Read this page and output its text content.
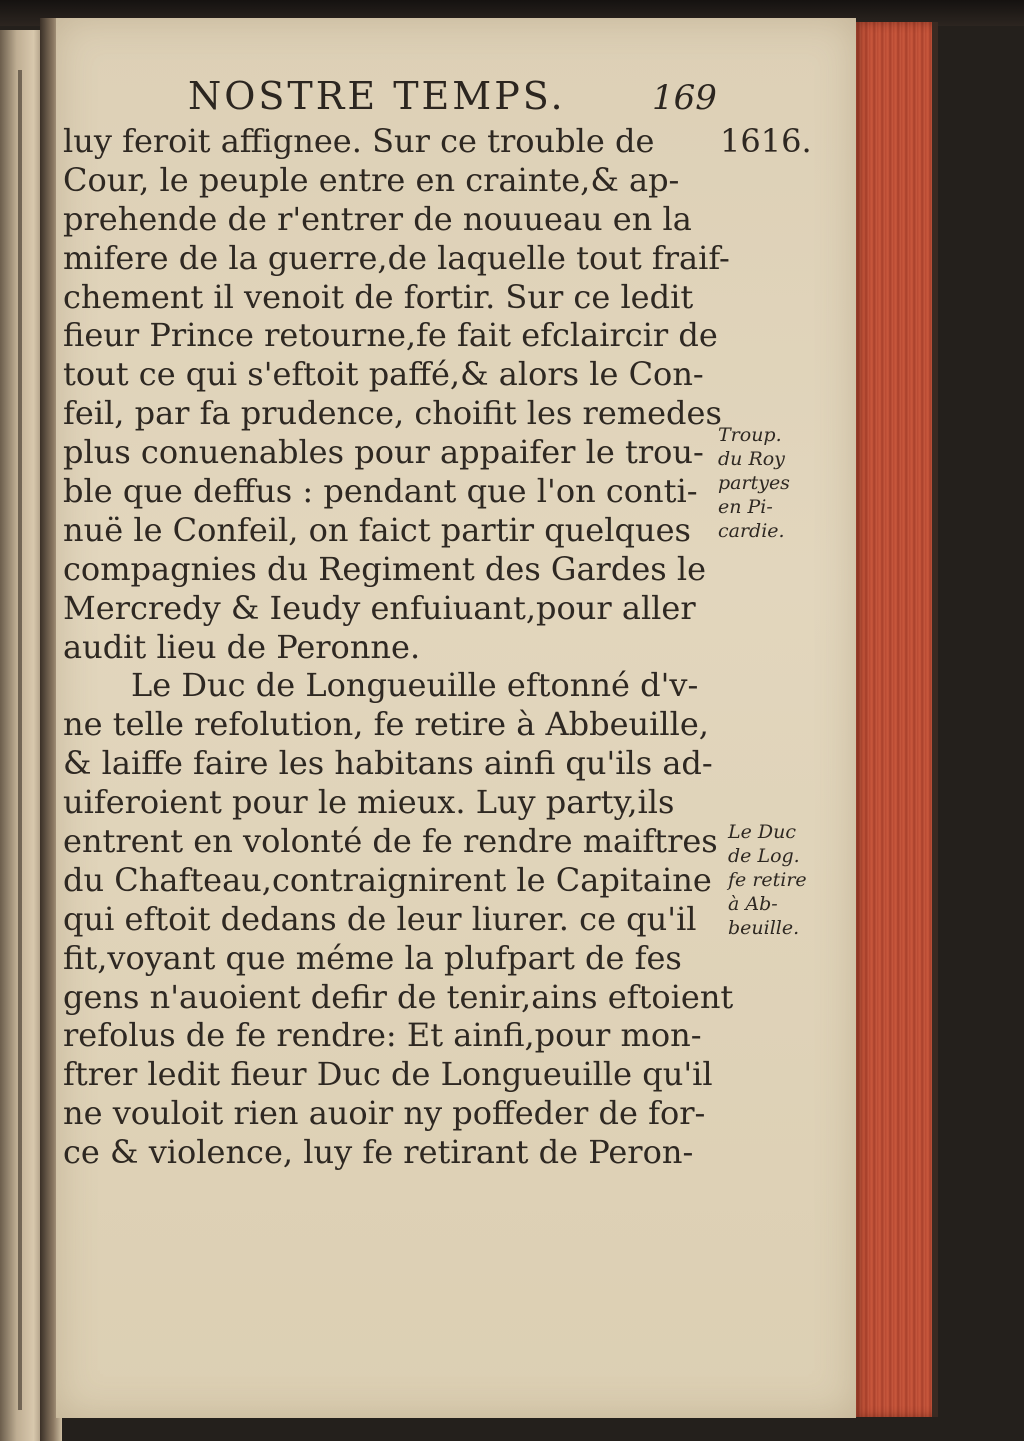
NOSTRE TEMPS.	169
1616.
luy feroit affignee. Sur ce trouble de
Cour, le peuple entre en crainte,& ap-
prehende de r'entrer de nouueau en la
mifere de la guerre,de laquelle tout fraif-
chement il venoit de fortir. Sur ce ledit
fieur Prince retourne,fe fait efclaircir de
tout ce qui s'eftoit paffé,& alors le Con-
feil, par fa prudence, choifit les remedes
plus conuenables pour appaifer le trou-
ble que deffus : pendant que l'on conti-
nuë le Confeil, on faict partir quelques
compagnies du Regiment des Gardes le
Mercredy & Ieudy enfuiuant,pour aller
audit lieu de Peronne.
Le Duc de Longueuille eftonné d'v-
ne telle refolution, fe retire à Abbeuille,
& laiffe faire les habitans ainfi qu'ils ad-
uiferoient pour le mieux. Luy party,ils
entrent en volonté de fe rendre maiftres
du Chafteau,contraignirent le Capitaine
qui eftoit dedans de leur liurer. ce qu'il
fit,voyant que méme la plufpart de fes
gens n'auoient defir de tenir,ains eftoient
refolus de fe rendre: Et ainfi,pour mon-
ftrer ledit fieur Duc de Longueuille qu'il
ne vouloit rien auoir ny poffeder de for-
ce & violence, luy fe retirant de Peron-
Troup.
du Roy
partyes
en Pi-
cardie.
Le Duc
de Log.
fe retire
à Ab-
beuille.
